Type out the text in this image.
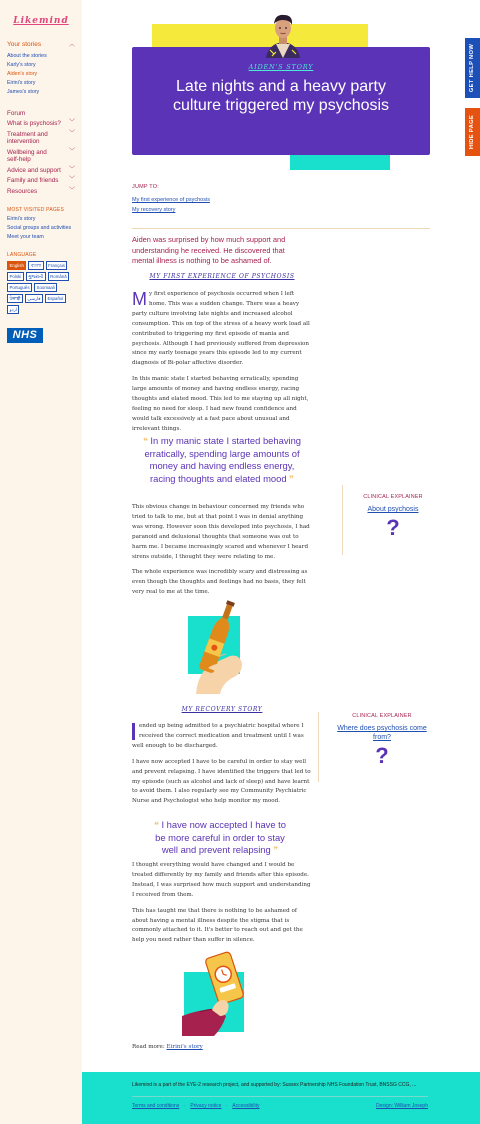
Likemind
Your stories	︿
About the stories
Karly's story
Aiden's story
Eirini's story
James's story
Forum
What is psychosis? ﹀
Treatment and intervention
﹀
Wellbeing and self-help
﹀
Advice and support ﹀
Family and friends ﹀
Resources	﹀
MOST VISITED PAGES
Eirini's story
Social groups and activities
Meet your team
LANGUAGE
English	বাংলা	Français
Polski	ગુજરાતી	Română
Português	Soomaali
ਪੰਜਾਬੀ	فارسی	Español
اردو
NHS
GET HELP NOW
HIDE PAGE
AIDEN'S STORY
Late nights and a heavy party culture triggered my psychosis
JUMP TO:
My first experience of psychosis
My recovery story

Aiden was surprised by how much support and understanding he received. He discovered that mental illness is nothing to be ashamed of.

MY FIRST EXPERIENCE OF PSYCHOSIS

My first experience of psychosis occurred when I left home. This was a sudden change. There was a heavy party culture involving late nights and increased alcohol consumption. This on top of the stress of a heavy work load all contributed to triggering my first episode of mania and psychosis. Although I had previously suffered from depression since my early teenage years this episode led to my current diagnosis of Bi-polar affective disorder.

In this manic state I started behaving erratically, spending large amounts of money and having endless energy, racing thoughts and elated mood. This led to me staying up all night, feeling no need for sleep. I had new found confidence and would talk excessively at a fast pace about unusual and irrelevant things.

❝ In my manic state I started behaving erratically, spending large amounts of money and having endless energy, racing thoughts and elated mood ❞

This obvious change in behaviour concerned my friends who tried to talk to me, but at that point I was in denial anything was wrong. However soon this developed into psychosis, I had paranoid and delusional thoughts that someone was out to harm me. I became increasingly scared and whenever I heard sirens outside, I thought they were relating to me.

The whole experience was incredibly scary and distressing as even though the thoughts and feelings had no basis, they felt very real to me at the time.

CLINICAL EXPLAINER
About psychosis
?
MY RECOVERY STORY

ended up being admitted to a psychiatric hospital where I received the correct medication and treatment until I was well enough to be discharged.

I have now accepted I have to be careful in order to stay well and prevent relapsing. I have identified the triggers that led to my episode (such as alcohol and lack of sleep) and have learnt to avoid them. I also regularly see my Community Psychiatric Nurse and Psychologist who help monitor my mood.

❝ I have now accepted I have to be more careful in order to stay well and prevent relapsing ❞

I thought everything would have changed and I would be treated differently by my family and friends after this episode. Instead, I was surprised how much support and understanding I received from them.

This has taught me that there is nothing to be ashamed of about having a mental illness despite the stigma that is commonly attached to it. It's better to reach out and get the help you need rather than suffer in silence.

CLINICAL EXPLAINER
Where does psychosis come from?
?

Read more: Eirini's story

Likemind is a part of the EYE-2 research project, and supported by: Sussex Partnership NHS Foundation Trust, BNSSG CCG, ...
Terms and conditions · Privacy notice · Accessibility	Design: William Joseph
